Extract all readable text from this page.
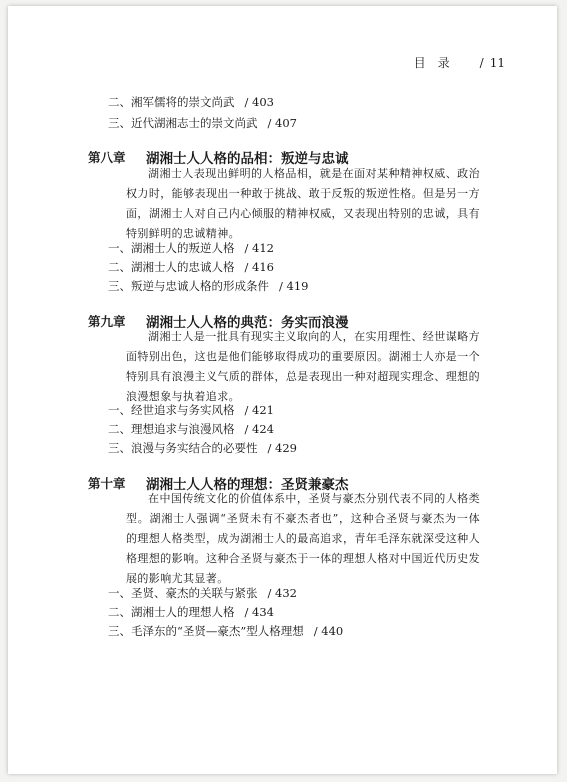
目　录	/ 11
二、湘军儒将的崇文尚武 / 403
三、近代湖湘志士的崇文尚武 / 407
第八章 湖湘士人人格的品相：叛逆与忠诚
湖湘士人表现出鲜明的人格品相，就是在面对某种精神权威、政治权力时，能够表现出一种敢于挑战、敢于反叛的叛逆性格。但是另一方面，湖湘士人对自己内心倾服的精神权威，又表现出特别的忠诚，具有特别鲜明的忠诚精神。
一、湖湘士人的叛逆人格 / 412
二、湖湘士人的忠诚人格 / 416
三、叛逆与忠诚人格的形成条件 / 419
第九章 湖湘士人人格的典范：务实而浪漫
湖湘士人是一批具有现实主义取向的人，在实用理性、经世谋略方面特别出色，这也是他们能够取得成功的重要原因。湖湘士人亦是一个特别具有浪漫主义气质的群体，总是表现出一种对超现实理念、理想的浪漫想象与执着追求。
一、经世追求与务实风格 / 421
二、理想追求与浪漫风格 / 424
三、浪漫与务实结合的必要性 / 429
第十章 湖湘士人人格的理想：圣贤兼豪杰
在中国传统文化的价值体系中，圣贤与豪杰分别代表不同的人格类型。湖湘士人强调“圣贤未有不豪杰者也”，这种合圣贤与豪杰为一体的理想人格类型，成为湖湘士人的最高追求，青年毛泽东就深受这种人格理想的影响。这种合圣贤与豪杰于一体的理想人格对中国近代历史发展的影响尤其显著。
一、圣贤、豪杰的关联与紧张 / 432
二、湖湘士人的理想人格 / 434
三、毛泽东的“圣贤—豪杰”型人格理想 / 440
